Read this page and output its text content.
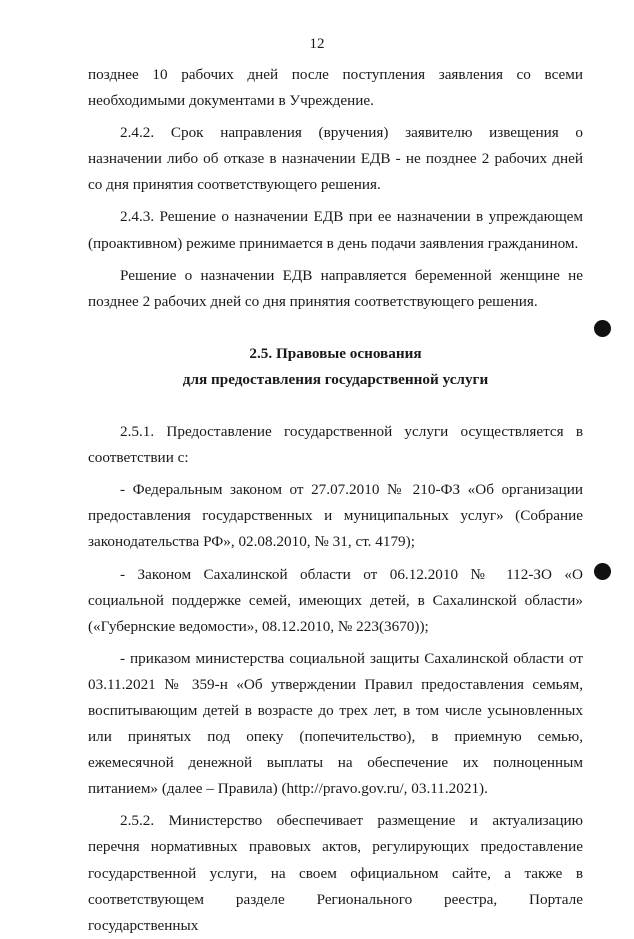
12

позднее 10 рабочих дней после поступления заявления со всеми необходимыми документами в Учреждение.

2.4.2. Срок направления (вручения) заявителю извещения о назначении либо об отказе в назначении ЕДВ - не позднее 2 рабочих дней со дня принятия соответствующего решения.

2.4.3. Решение о назначении ЕДВ при ее назначении в упреждающем (проактивном) режиме принимается в день подачи заявления гражданином.

Решение о назначении ЕДВ направляется беременной женщине не позднее 2 рабочих дней со дня принятия соответствующего решения.

2.5. Правовые основания
для предоставления государственной услуги

2.5.1. Предоставление государственной услуги осуществляется в соответствии с:

- Федеральным законом от 27.07.2010 № 210-ФЗ «Об организации предоставления государственных и муниципальных услуг» (Собрание законодательства РФ», 02.08.2010, № 31, ст. 4179);

- Законом Сахалинской области от 06.12.2010 № 112-ЗО «О социальной поддержке семей, имеющих детей, в Сахалинской области» («Губернские ведомости», 08.12.2010, № 223(3670));

- приказом министерства социальной защиты Сахалинской области от 03.11.2021 № 359-н «Об утверждении Правил предоставления семьям, воспитывающим детей в возрасте до трех лет, в том числе усыновленных или принятых под опеку (попечительство), в приемную семью, ежемесячной денежной выплаты на обеспечение их полноценным питанием» (далее – Правила) (http://pravo.gov.ru/, 03.11.2021).

2.5.2. Министерство обеспечивает размещение и актуализацию перечня нормативных правовых актов, регулирующих предоставление государственной услуги, на своем официальном сайте, а также в соответствующем разделе Регионального реестра, Портале государственных
